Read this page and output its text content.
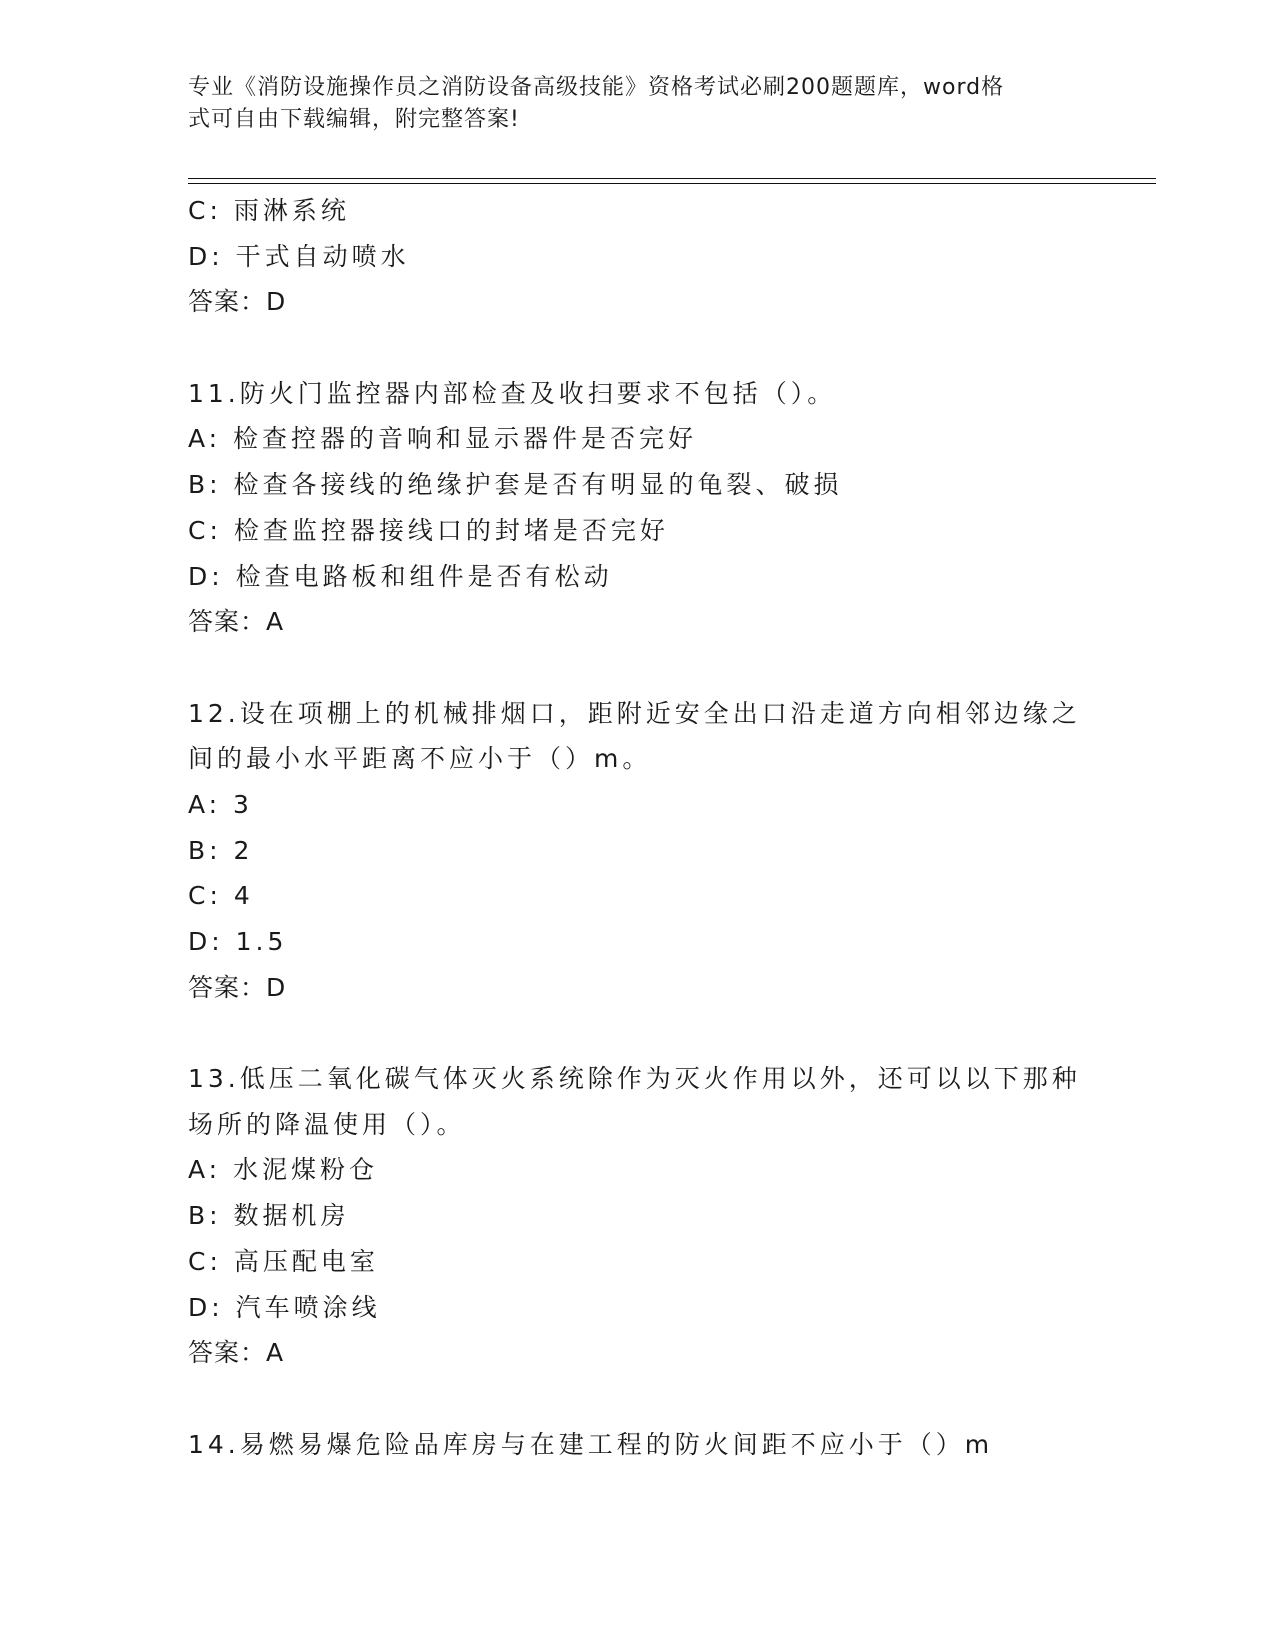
专业《消防设施操作员之消防设备高级技能》资格考试必刷200题题库，word格
式可自由下载编辑，附完整答案!
C: 雨淋系统
D: 干式自动喷水
答案：D
11.防火门监控器内部检查及收扫要求不包括（）。
A: 检查控器的音响和显示器件是否完好
B: 检查各接线的绝缘护套是否有明显的龟裂、破损
C: 检查监控器接线口的封堵是否完好
D: 检查电路板和组件是否有松动
答案：A
12.设在项棚上的机械排烟口，距附近安全出口沿走道方向相邻边缘之
间的最小水平距离不应小于（）m。
A: 3
B: 2
C: 4
D: 1.5
答案：D
13.低压二氧化碳气体灭火系统除作为灭火作用以外，还可以以下那种
场所的降温使用（）。
A: 水泥煤粉仓
B: 数据机房
C: 高压配电室
D: 汽车喷涂线
答案：A
14.易燃易爆危险品库房与在建工程的防火间距不应小于（）m
